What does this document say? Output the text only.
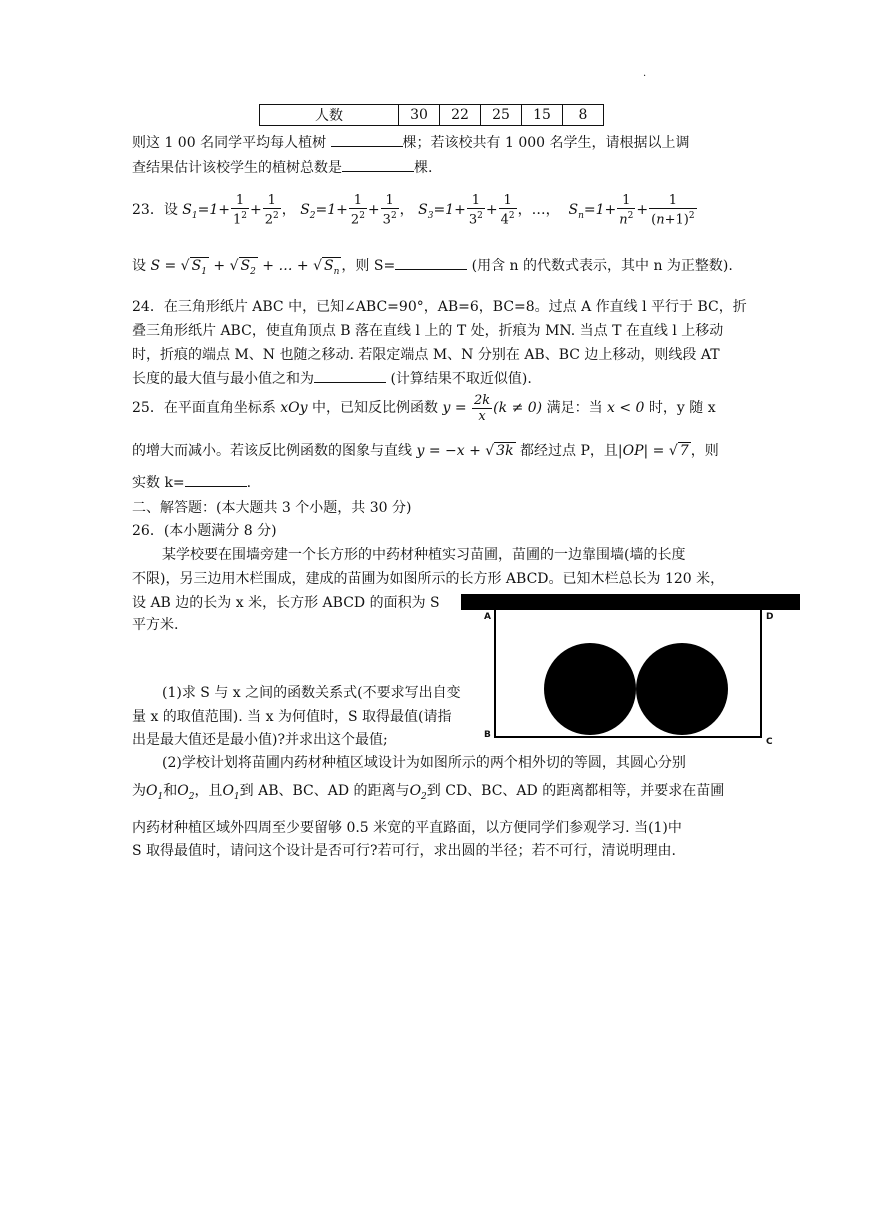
.
人数	30	22	25	15	8
则这 1 00 名同学平均每人植树	棵；若该校共有 1 000 名学生，请根据以上调
查结果估计该校学生的植树总数是	棵.
23．设 $S_1=1+ \frac{1}{1^2} + \frac{1}{2^2}$ ， $S_2=1+ \frac{1}{2^2} + \frac{1}{3^2}$ ， $S_3=1+ \frac{1}{3^2} + \frac{1}{4^2}$ ，…，  $S_n=1+ \frac{1}{n^2} + \frac{1}{(n+1)^2}$
设 S = √ $S_1$ + √ $S_2$ + … + √ $S_n$ ，则 S=	(用含 n 的代数式表示，其中 n 为正整数).
24．在三角形纸片 ABC 中，已知∠ABC=90°，AB=6，BC=8。过点 A 作直线 l 平行于 BC，折
叠三角形纸片 ABC，使直角顶点 B 落在直线 l 上的 T 处，折痕为 MN. 当点 T 在直线 l 上移动
时，折痕的端点 M、N 也随之移动. 若限定端点 M、N 分别在 AB、BC 边上移动，则线段 AT
长度的最大值与最小值之和为	(计算结果不取近似值).
25．在平面直角坐标系 xOy 中，已知反比例函数 $y = \frac{2k}{x} (k \ne 0)$ 满足：当 x < 0 时，y 随 x
的增大而减小。若该反比例函数的图象与直线 y = −x + √ 3k 都经过点 P，且|OP| = √ 7 ，则
实数 k=	.
二、解答题：(本大题共 3 个小题，共 30 分)
26．(本小题满分 8 分)
某学校要在围墙旁建一个长方形的中药材种植实习苗圃，苗圃的一边靠围墙(墙的长度
不限)，另三边用木栏围成，建成的苗圃为如图所示的长方形 ABCD。已知木栏总长为 120 米，
设 AB 边的长为 x 米，长方形 ABCD 的面积为 S
平方米.
(1)求 S 与 x 之间的函数关系式(不要求写出自变
量 x 的取值范围). 当 x 为何值时，S 取得最值(请指
出是最大值还是最小值)?并求出这个最值;
(2)学校计划将苗圃内药材种植区域设计为如图所示的两个相外切的等圆，其圆心分别
为$O_1$和$O_2$，且$O_1$到 AB、BC、AD 的距离与$O_2$到 CD、BC、AD 的距离都相等，并要求在苗圃
内药材种植区域外四周至少要留够 0.5 米宽的平直路面，以方便同学们参观学习. 当(1)中
S 取得最值时，请问这个设计是否可行?若可行，求出圆的半径；若不可行，清说明理由.
A
B
C
D
